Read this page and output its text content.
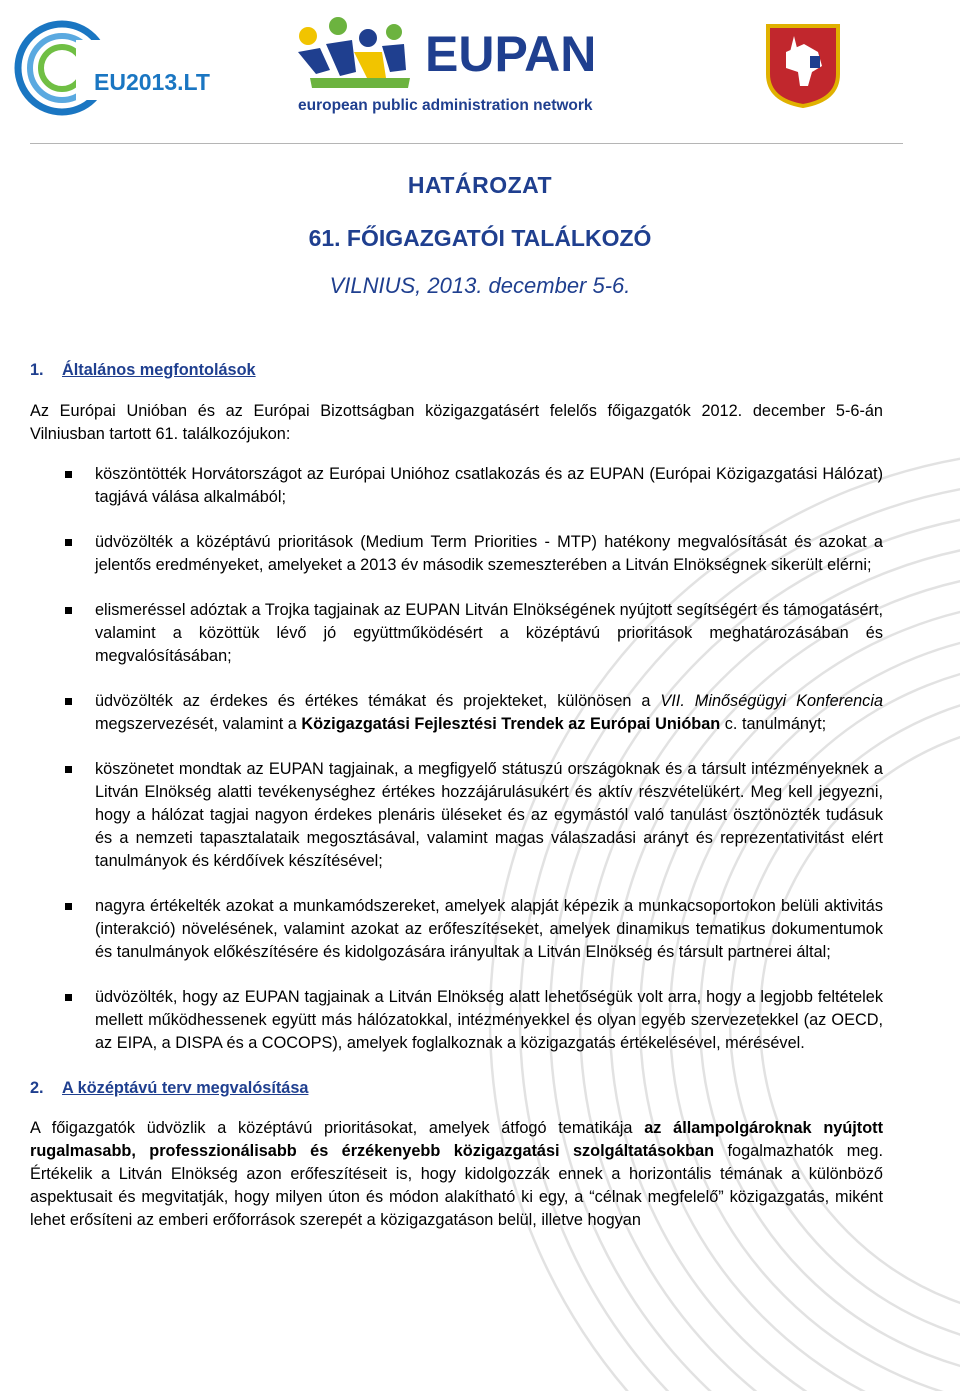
EU2013.LT	EUPAN
european public administration network
HATÁROZAT
61. FŐIGAZGATÓI TALÁLKOZÓ
VILNIUS, 2013. december 5-6.

1. Általános megfontolások

Az Európai Unióban és az Európai Bizottságban közigazgatásért felelős főigazgatók 2012. december 5-6-án Vilniusban tartott 61. találkozójukon:

köszöntötték Horvátországot az Európai Unióhoz csatlakozás és az EUPAN (Európai Közigazgatási Hálózat) tagjává válása alkalmából;
üdvözölték a középtávú prioritások (Medium Term Priorities - MTP) hatékony megvalósítását és azokat a jelentős eredményeket, amelyeket a 2013 év második szemeszterében a Litván Elnökségnek sikerült elérni;
elismeréssel adóztak a Trojka tagjainak az EUPAN Litván Elnökségének nyújtott segítségért és támogatásért, valamint a közöttük lévő jó együttműködésért a középtávú prioritások meghatározásában és megvalósításában;
üdvözölték az érdekes és értékes témákat és projekteket, különösen a VII. Minőségügyi Konferencia megszervezését, valamint a Közigazgatási Fejlesztési Trendek az Európai Unióban c. tanulmányt;
köszönetet mondtak az EUPAN tagjainak, a megfigyelő státuszú országoknak és a társult intézményeknek a Litván Elnökség alatti tevékenységhez értékes hozzájárulásukért és aktív részvételükért. Meg kell jegyezni, hogy a hálózat tagjai nagyon érdekes plenáris üléseket és az egymástól való tanulást ösztönözték tudásuk és a nemzeti tapasztalataik megosztásával, valamint magas válaszadási arányt és reprezentativitást elért tanulmányok és kérdőívek készítésével;
nagyra értékelték azokat a munkamódszereket, amelyek alapját képezik a munkacsoportokon belüli aktivitás (interakció) növelésének, valamint azokat az erőfeszítéseket, amelyek dinamikus tematikus dokumentumok és tanulmányok előkészítésére és kidolgozására irányultak a Litván Elnökség és társult partnerei által;
üdvözölték, hogy az EUPAN tagjainak a Litván Elnökség alatt lehetőségük volt arra, hogy a legjobb feltételek mellett működhessenek együtt más hálózatokkal, intézményekkel és olyan egyéb szervezetekkel (az OECD, az EIPA, a DISPA és a COCOPS), amelyek foglalkoznak a közigazgatás értékelésével, mérésével.

2. A középtávú terv megvalósítása

A főigazgatók üdvözlik a középtávú prioritásokat, amelyek átfogó tematikája az állampolgároknak nyújtott rugalmasabb, professzionálisabb és érzékenyebb közigazgatási szolgáltatásokban fogalmazhatók meg. Értékelik a Litván Elnökség azon erőfeszítéseit is, hogy kidolgozzák ennek a horizontális témának a különböző aspektusait és megvitatják, hogy milyen úton és módon alakítható ki egy, a “célnak megfelelő” közigazgatás, miként lehet erősíteni az emberi erőforrások szerepét a közigazgatáson belül, illetve hogyan
